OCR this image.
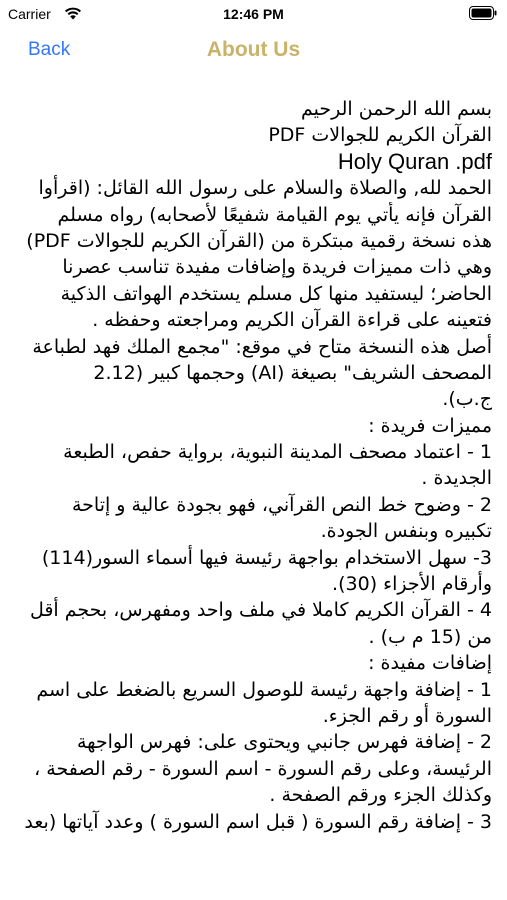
Carrier	12:46 PM
Back	About Us
بسم الله الرحمن الرحيم
القرآن الكريم للجوالات PDF
Holy Quran .pdf
الحمد لله, والصلاة والسلام على رسول الله القائل: (اقرأوا
القرآن فإنه يأتي يوم القيامة شفيعًا لأصحابه) رواه مسلم
هذه نسخة رقمية مبتكرة من (القرآن الكريم للجوالات PDF)
وهي ذات مميزات فريدة وإضافات مفيدة تناسب عصرنا
الحاضر؛ ليستفيد منها كل مسلم يستخدم الهواتف الذكية
فتعينه على قراءة القرآن الكريم ومراجعته وحفظه .
أصل هذه النسخة متاح في موقع: "مجمع الملك فهد لطباعة
المصحف الشريف" بصيغة (AI) وحجمها كبير (2.12
ج.ب).
مميزات فريدة :
1 - اعتماد مصحف المدينة النبوية، برواية حفص، الطبعة
الجديدة .
2 - وضوح خط النص القرآني، فهو بجودة عالية و إتاحة
تكبيره وبنفس الجودة.
3- سهل الاستخدام بواجهة رئيسة فيها أسماء السور(114)
وأرقام الأجزاء (30).
4 - القرآن الكريم كاملا في ملف واحد ومفهرس، بحجم أقل
من (15 م ب) .
إضافات مفيدة :
1 - إضافة واجهة رئيسة للوصول السريع بالضغط على اسم
السورة أو رقم الجزء.
2 - إضافة فهرس جانبي ويحتوى على: فهرس الواجهة
الرئيسة، وعلى رقم السورة - اسم السورة - رقم الصفحة ،
وكذلك الجزء ورقم الصفحة .
3 - إضافة رقم السورة ( قبل اسم السورة ) وعدد آياتها (بعد
